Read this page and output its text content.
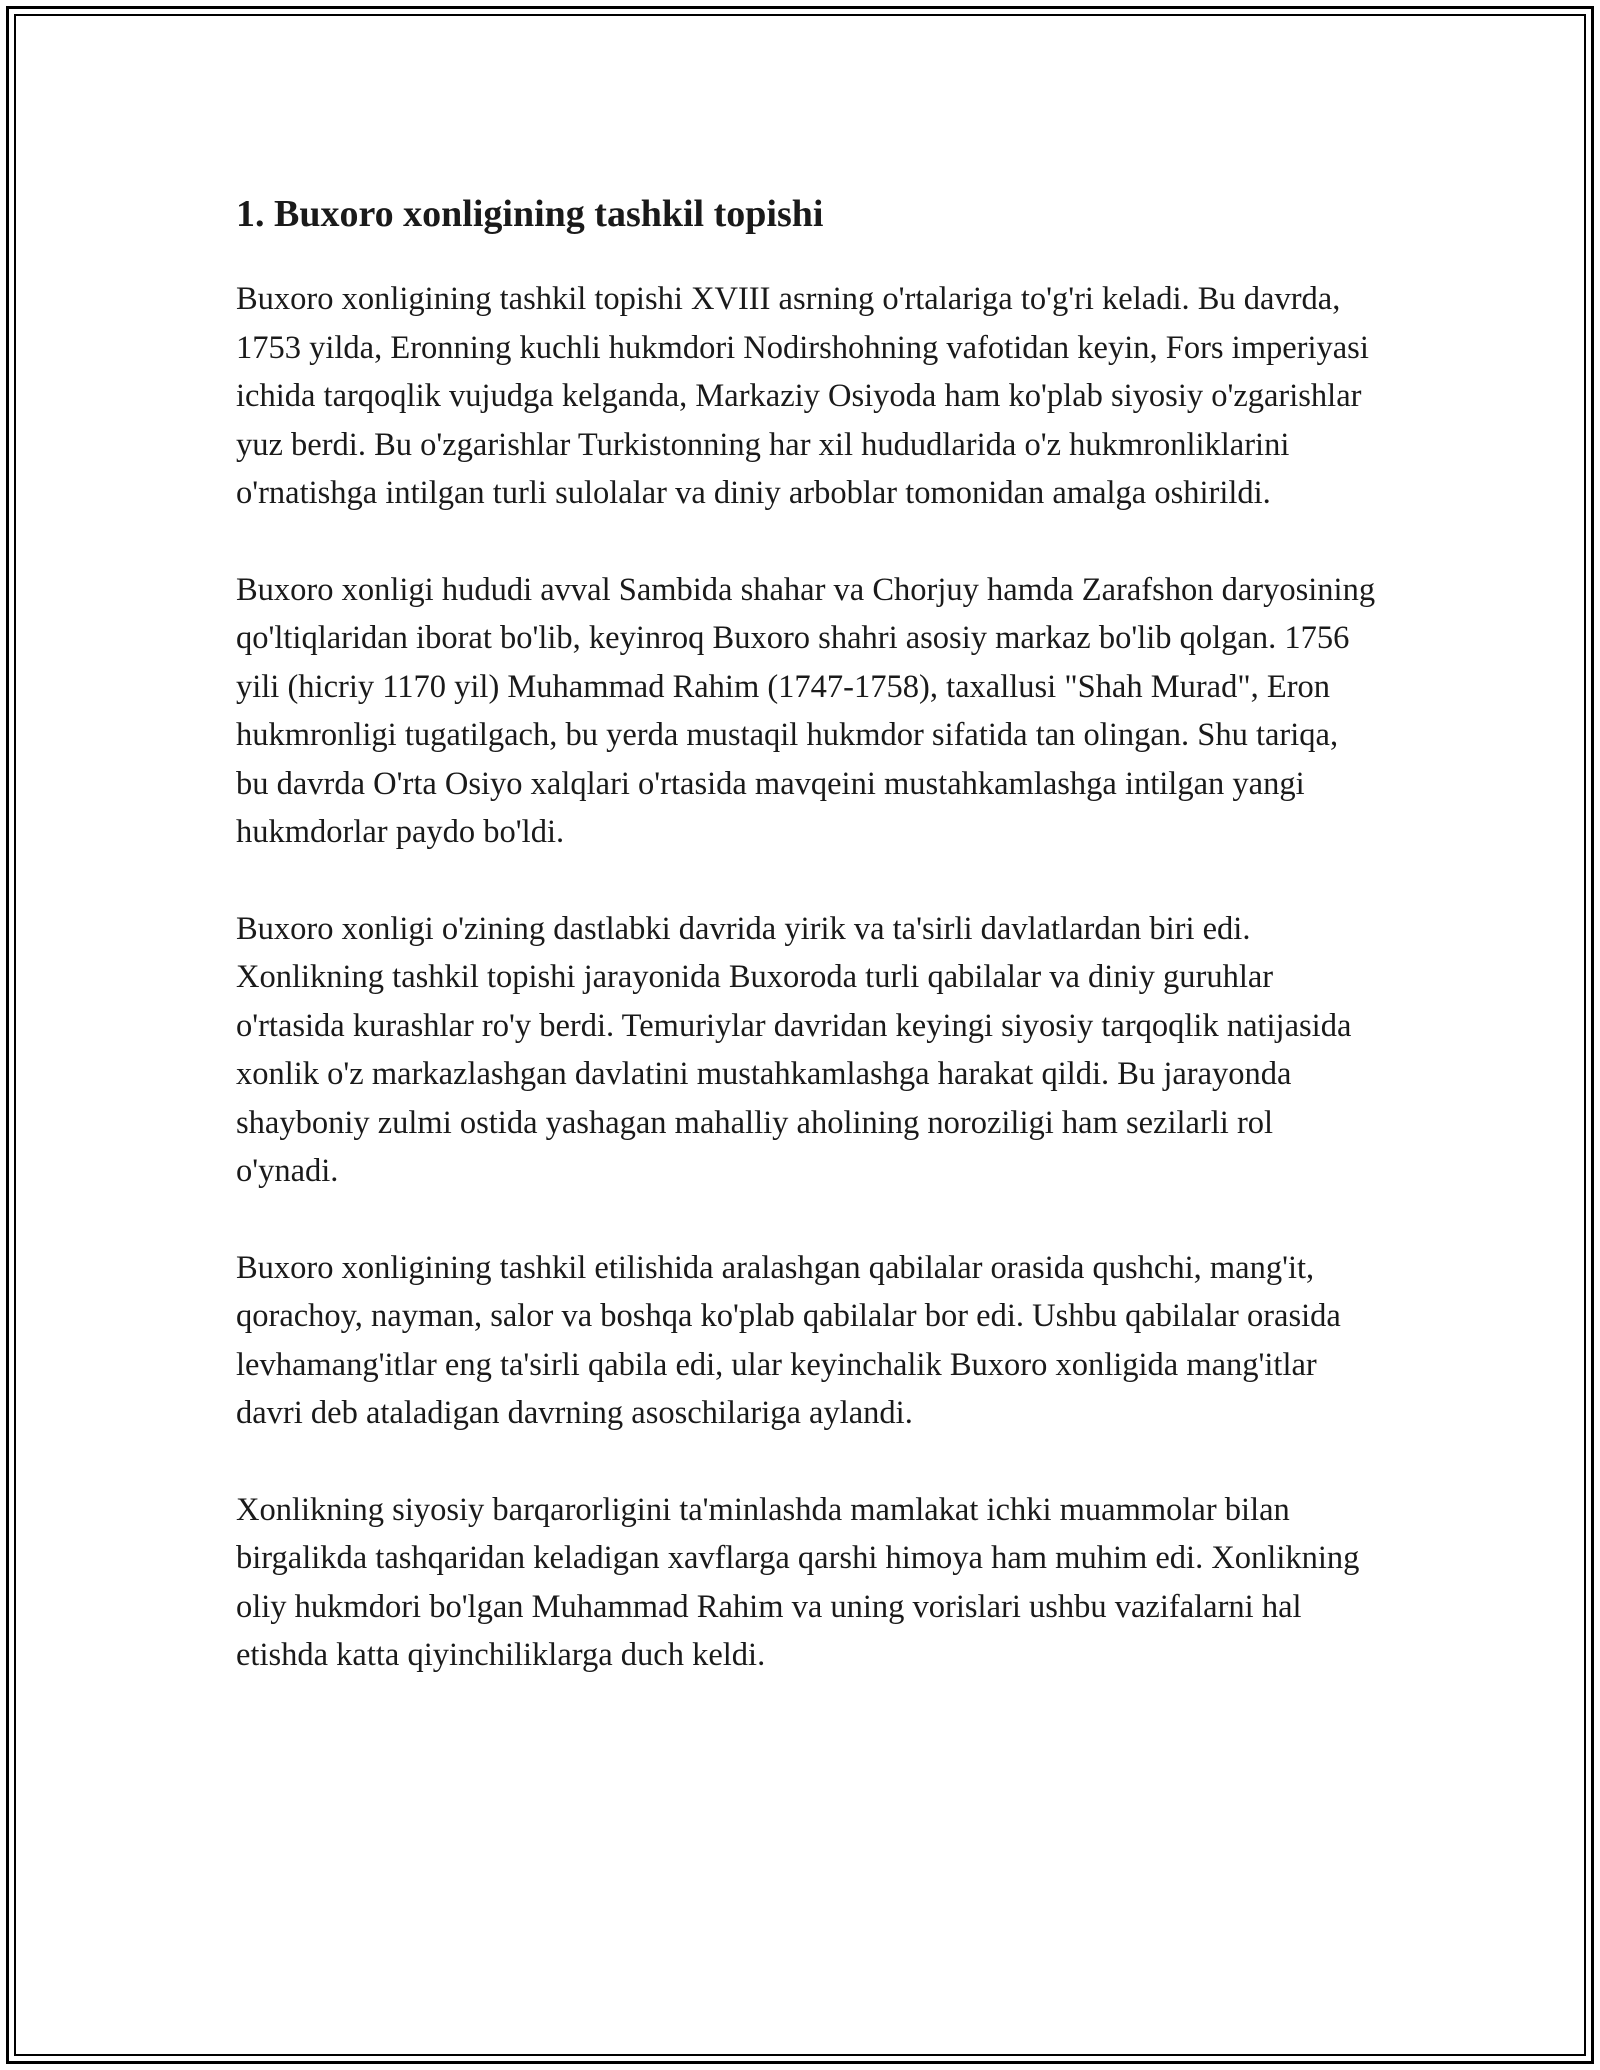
1. Buxoro xonligining tashkil topishi

Buxoro xonligining tashkil topishi XVIII asrning o'rtalariga to'g'ri keladi. Bu davrda, 1753 yilda, Eronning kuchli hukmdori Nodirshohning vafotidan keyin, Fors imperiyasi ichida tarqoqlik vujudga kelganda, Markaziy Osiyoda ham ko'plab siyosiy o'zgarishlar yuz berdi. Bu o'zgarishlar Turkistonning har xil hududlarida o'z hukmronliklarini o'rnatishga intilgan turli sulolalar va diniy arboblar tomonidan amalga oshirildi.

Buxoro xonligi hududi avval Sambida shahar va Chorjuy hamda Zarafshon daryosining qo'ltiqlaridan iborat bo'lib, keyinroq Buxoro shahri asosiy markaz bo'lib qolgan. 1756 yili (hicriy 1170 yil) Muhammad Rahim (1747-1758), taxallusi "Shah Murad", Eron hukmronligi tugatilgach, bu yerda mustaqil hukmdor sifatida tan olingan. Shu tariqa, bu davrda O'rta Osiyo xalqlari o'rtasida mavqeini mustahkamlashga intilgan yangi hukmdorlar paydo bo'ldi.

Buxoro xonligi o'zining dastlabki davrida yirik va ta'sirli davlatlardan biri edi. Xonlikning tashkil topishi jarayonida Buxoroda turli qabilalar va diniy guruhlar o'rtasida kurashlar ro'y berdi. Temuriylar davridan keyingi siyosiy tarqoqlik natijasida xonlik o'z markazlashgan davlatini mustahkamlashga harakat qildi. Bu jarayonda shayboniy zulmi ostida yashagan mahalliy aholining noroziligi ham sezilarli rol o'ynadi.

Buxoro xonligining tashkil etilishida aralashgan qabilalar orasida qushchi, mang'it, qorachoy, nayman, salor va boshqa ko'plab qabilalar bor edi. Ushbu qabilalar orasida levhamang'itlar eng ta'sirli qabila edi, ular keyinchalik Buxoro xonligida mang'itlar davri deb ataladigan davrning asoschilariga aylandi.

Xonlikning siyosiy barqarorligini ta'minlashda mamlakat ichki muammolar bilan birgalikda tashqaridan keladigan xavflarga qarshi himoya ham muhim edi. Xonlikning oliy hukmdori bo'lgan Muhammad Rahim va uning vorislari ushbu vazifalarni hal etishda katta qiyinchiliklarga duch keldi.
